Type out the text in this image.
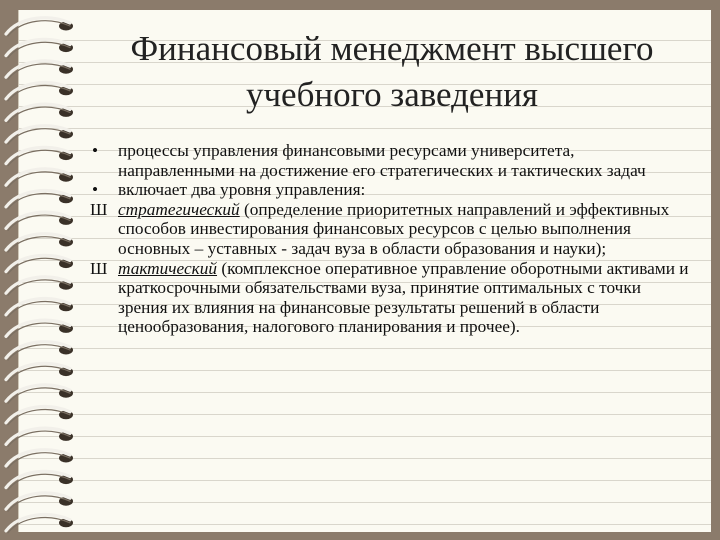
Финансовый менеджмент высшего
учебного заведения
• процессы управления финансовыми ресурсами университета, направленными на достижение его стратегических и тактических задач
• включает два уровня управления:
Ш стратегический (определение приоритетных направлений и эффективных способов инвестирования финансовых ресурсов с целью выполнения основных – уставных - задач вуза в области образования и науки);
Ш тактический (комплексное оперативное управление оборотными активами и краткосрочными обязательствами вуза, принятие оптимальных с точки зрения их влияния на финансовые результаты решений в области ценообразования, налогового планирования и прочее).
